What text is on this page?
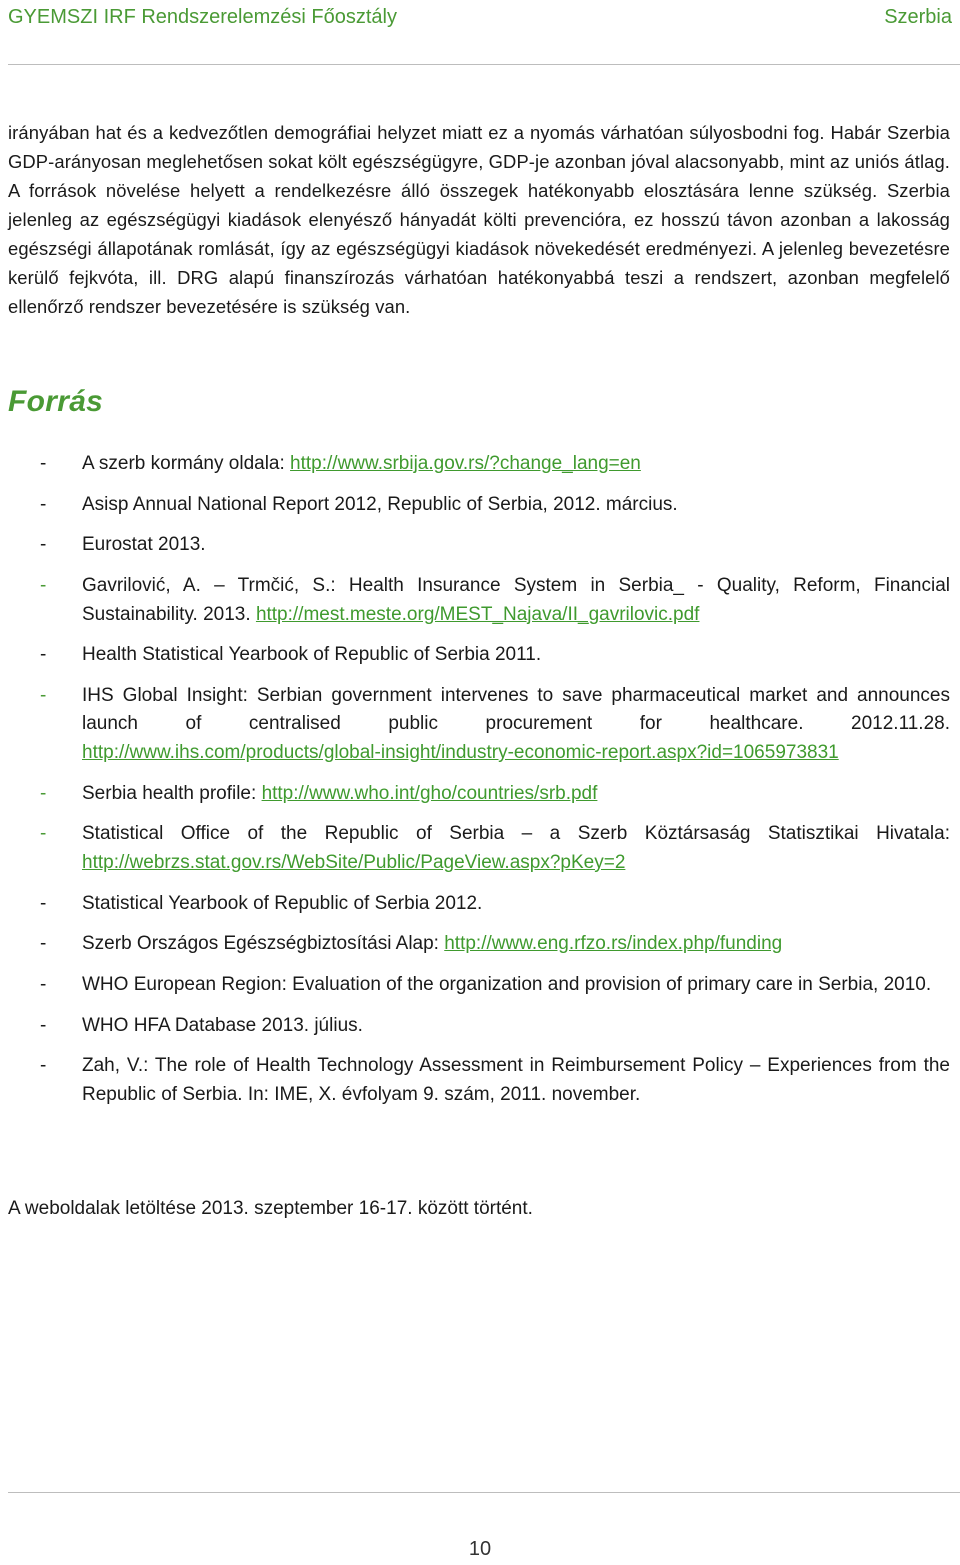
GYEMSZI IRF Rendszerelemzési Főosztály	Szerbia

irányában hat és a kedvezőtlen demográfiai helyzet miatt ez a nyomás várhatóan súlyosbodni fog. Habár Szerbia GDP-arányosan meglehetősen sokat költ egészségügyre, GDP-je azonban jóval alacsonyabb, mint az uniós átlag. A források növelése helyett a rendelkezésre álló összegek hatékonyabb elosztására lenne szükség. Szerbia jelenleg az egészségügyi kiadások elenyésző hányadát költi prevencióra, ez hosszú távon azonban a lakosság egészségi állapotának romlását, így az egészségügyi kiadások növekedését eredményezi. A jelenleg bevezetésre kerülő fejkvóta, ill. DRG alapú finanszírozás várhatóan hatékonyabbá teszi a rendszert, azonban megfelelő ellenőrző rendszer bevezetésére is szükség van.

Forrás
-	A szerb kormány oldala: http://www.srbija.gov.rs/?change_lang=en
-	Asisp Annual National Report 2012, Republic of Serbia, 2012. március.
-	Eurostat 2013.
-	Gavrilović, A. – Trmčić, S.: Health Insurance System in Serbia_ - Quality, Reform, Financial Sustainability. 2013. http://mest.meste.org/MEST_Najava/II_gavrilovic.pdf
-	Health Statistical Yearbook of Republic of Serbia 2011.
-	IHS Global Insight: Serbian government intervenes to save pharmaceutical market and announces launch of centralised public procurement for healthcare. 2012.11.28. http://www.ihs.com/products/global-insight/industry-economic-report.aspx?id=1065973831
-	Serbia health profile: http://www.who.int/gho/countries/srb.pdf
-	Statistical Office of the Republic of Serbia – a Szerb Köztársaság Statisztikai Hivatala: http://webrzs.stat.gov.rs/WebSite/Public/PageView.aspx?pKey=2
-	Statistical Yearbook of Republic of Serbia 2012.
-	Szerb Országos Egészségbiztosítási Alap: http://www.eng.rfzo.rs/index.php/funding
-	WHO European Region: Evaluation of the organization and provision of primary care in Serbia, 2010.
-	WHO HFA Database 2013. július.
-	Zah, V.: The role of Health Technology Assessment in Reimbursement Policy – Experiences from the Republic of Serbia. In: IME, X. évfolyam 9. szám, 2011. november.
A weboldalak letöltése 2013. szeptember 16-17. között történt.
10
